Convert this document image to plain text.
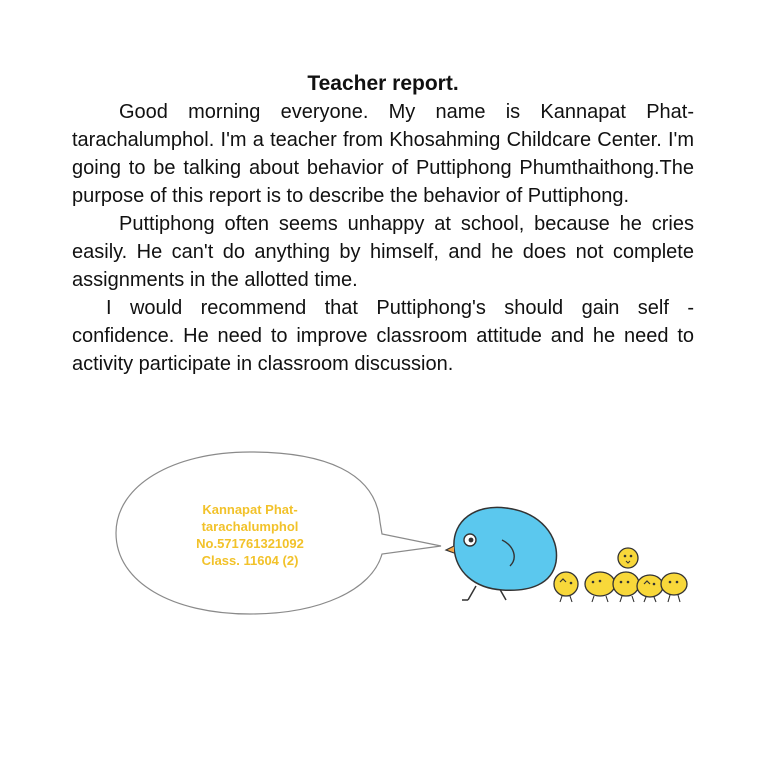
Teacher report.

Good morning everyone. My name is Kannapat Phat-tarachalumphol. I'm a teacher from Khosahming Childcare Center. I'm going to be talking about behavior of Puttiphong Phumthaithong.The purpose of this report is to describe the behavior of Puttiphong.

Puttiphong often seems unhappy at school, because he cries easily. He can't do anything by himself, and he does not complete assignments in the allotted time.

I would recommend that Puttiphong's should gain self - confidence. He need to improve classroom attitude and he need to activity participate in classroom discussion.

Kannapat Phat-
tarachalumphol
No.571761321092
Class. 11604 (2)
